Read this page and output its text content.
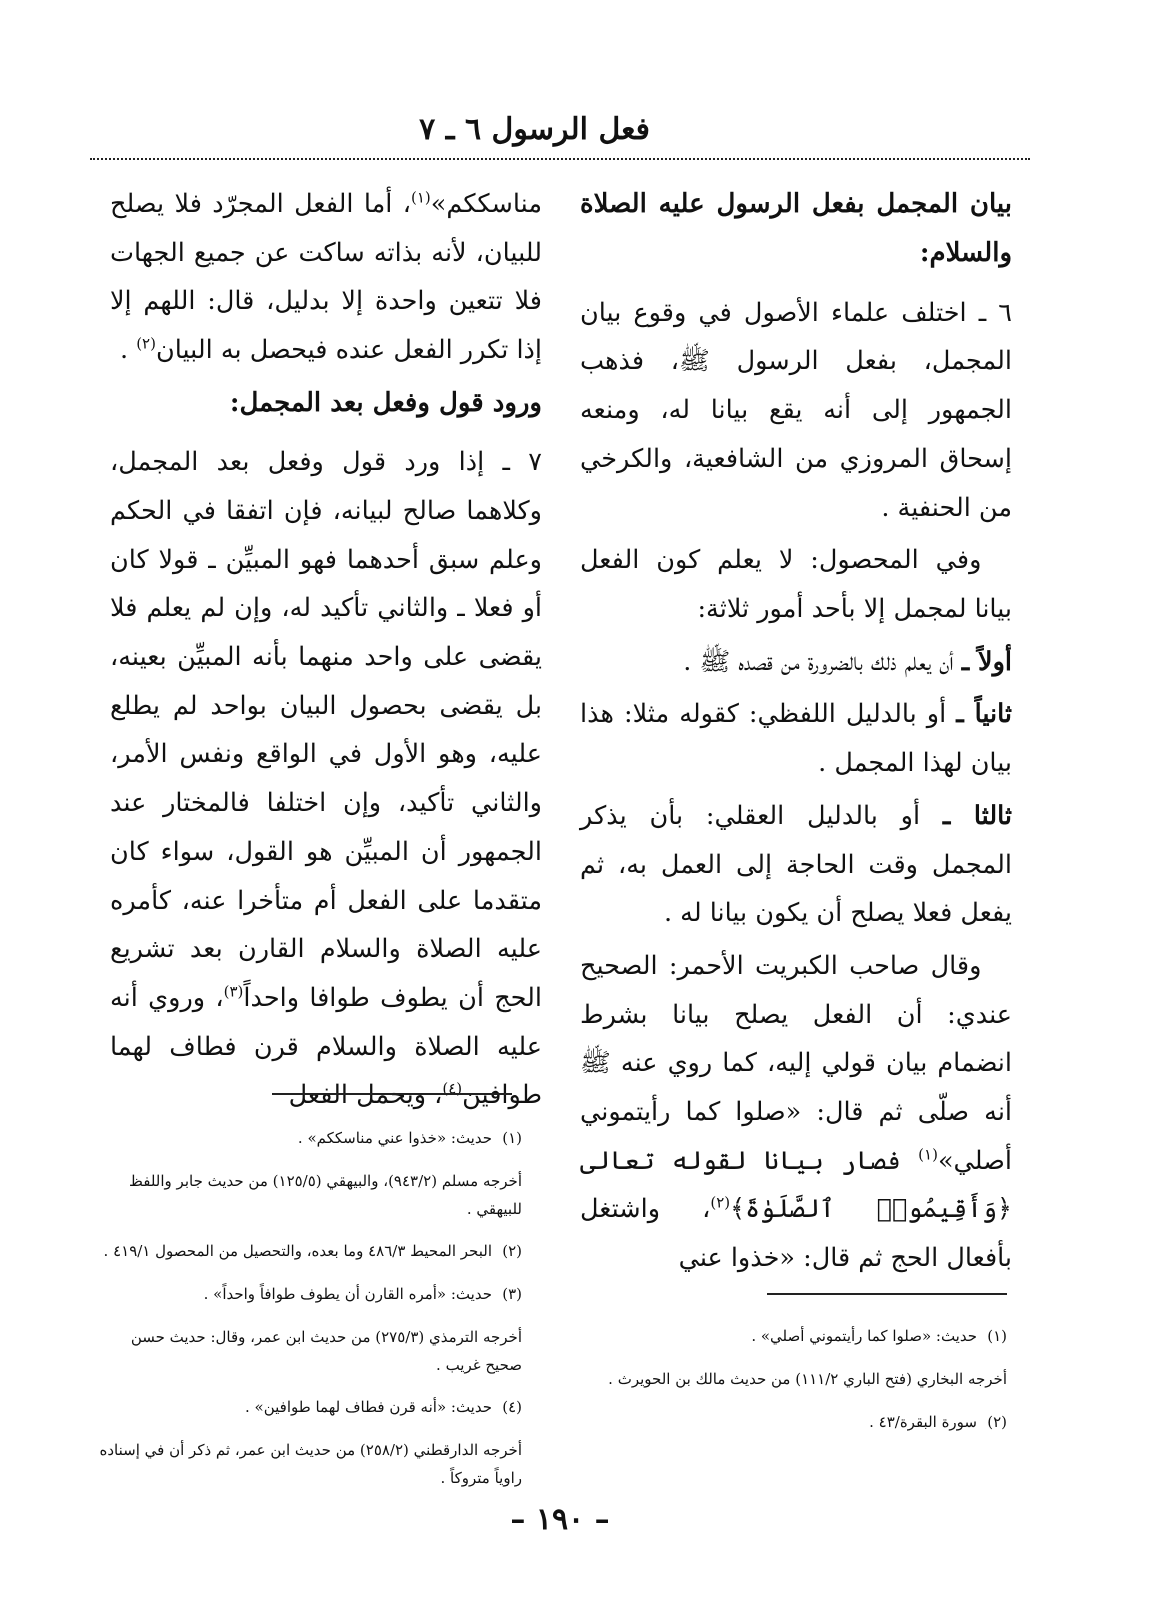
فعل الرسول ٦ ـ ٧
بيان المجمل بفعل الرسول عليه الصلاة والسلام:

٦ ـ اختلف علماء الأصول في وقوع بيان المجمل، بفعل الرسول ﷺ، فذهب الجمهور إلى أنه يقع بيانا له، ومنعه إسحاق المروزي من الشافعية، والكرخي من الحنفية .

وفي المحصول: لا يعلم كون الفعل بيانا لمجمل إلا بأحد أمور ثلاثة:

أولاً ـ أن يعلم ذلك بالضرورة من قصده ﷺ .

ثانياً ـ أو بالدليل اللفظي: كقوله مثلا: هذا بيان لهذا المجمل .

ثالثا ـ أو بالدليل العقلي: بأن يذكر المجمل وقت الحاجة إلى العمل به، ثم يفعل فعلا يصلح أن يكون بيانا له .

وقال صاحب الكبريت الأحمر: الصحيح عندي: أن الفعل يصلح بيانا بشرط انضمام بيان قولي إليه، كما روي عنه ﷺ أنه صلّى ثم قال: «صلوا كما رأيتموني أصلي»$^{(١)}$ فصار بيانا لقوله تعالى ﴿وَأَقِيمُوا۟ ٱلصَّلَوٰةَ﴾$^{(٢)}$، واشتغل بأفعال الحج ثم قال: «خذوا عني

مناسككم»$^{(١)}$، أما الفعل المجرّد فلا يصلح للبيان، لأنه بذاته ساكت عن جميع الجهات فلا تتعين واحدة إلا بدليل، قال: اللهم إلا إذا تكرر الفعل عنده فيحصل به البيان$^{(٢)}$ .

ورود قول وفعل بعد المجمل:

٧ ـ إذا ورد قول وفعل بعد المجمل، وكلاهما صالح لبيانه، فإن اتفقا في الحكم وعلم سبق أحدهما فهو المبيِّن ـ قولا كان أو فعلا ـ والثاني تأكيد له، وإن لم يعلم فلا يقضى على واحد منهما بأنه المبيِّن بعينه، بل يقضى بحصول البيان بواحد لم يطلع عليه، وهو الأول في الواقع ونفس الأمر، والثاني تأكيد، وإن اختلفا فالمختار عند الجمهور أن المبيِّن هو القول، سواء كان متقدما على الفعل أم متأخرا عنه، كأمره عليه الصلاة والسلام القارن بعد تشريع الحج أن يطوف طوافا واحداً$^{(٣)}$، وروي أنه عليه الصلاة والسلام قرن فطاف لهما طوافين$^{(٤)}$، ويحمل الفعل

(١)

حديث: «خذوا عني مناسككم» .

أخرجه مسلم (٩٤٣/٢)، والبيهقي (١٢٥/٥) من حديث جابر واللفظ للبيهقي .

(٢)

البحر المحيط ٤٨٦/٣ وما بعده، والتحصيل من المحصول ٤١٩/١ .

(٣)

حديث: «أمره القارن أن يطوف طوافاً واحداً» .

أخرجه الترمذي (٢٧٥/٣) من حديث ابن عمر، وقال: حديث حسن صحيح غريب .

(٤)

حديث: «أنه قرن فطاف لهما طوافين» .

أخرجه الدارقطني (٢٥٨/٢) من حديث ابن عمر، ثم ذكر أن في إسناده راوياً متروكاً .

(١)

حديث: «صلوا كما رأيتموني أصلي» .

أخرجه البخاري (فتح الباري ١١١/٢) من حديث مالك بن الحويرث .

(٢)

سورة البقرة/٤٣ .

– ١٩٠ –
